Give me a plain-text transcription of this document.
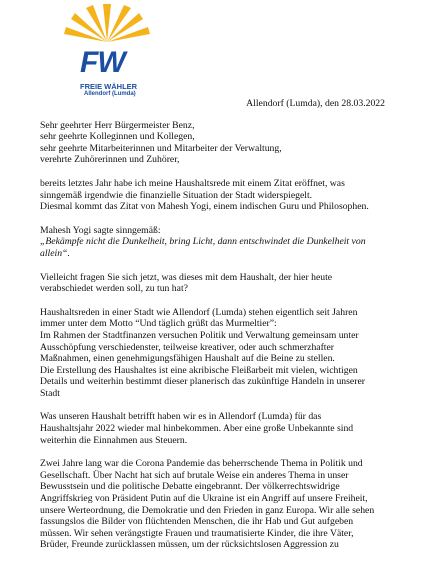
FW
FREIE WÄHLER
Allendorf (Lumda)
Allendorf (Lumda), den 28.03.2022

Sehr geehrter Herr Bürgermeister Benz,
sehr geehrte Kolleginnen und Kollegen,
sehr geehrte Mitarbeiterinnen und Mitarbeiter der Verwaltung,
verehrte Zuhörerinnen und Zuhörer,

bereits letztes Jahr habe ich meine Haushaltsrede mit einem Zitat eröffnet, was
sinngemäß irgendwie die finanzielle Situation der Stadt widerspiegelt.
Diesmal kommt das Zitat von Mahesh Yogi, einem indischen Guru und Philosophen.

Mahesh Yogi sagte sinngemäß:
„Bekämpfe nicht die Dunkelheit, bring Licht, dann entschwindet die Dunkelheit von
allein“.

Vielleicht fragen Sie sich jetzt, was dieses mit dem Haushalt, der hier heute
verabschiedet werden soll, zu tun hat?

Haushaltsreden in einer Stadt wie Allendorf (Lumda) stehen eigentlich seit Jahren
immer unter dem Motto “Und täglich grüßt das Murmeltier”:
Im Rahmen der Stadtfinanzen versuchen Politik und Verwaltung gemeinsam unter
Ausschöpfung verschiedenster, teilweise kreativer, oder auch schmerzhafter
Maßnahmen, einen genehmigungsfähigen Haushalt auf die Beine zu stellen.
Die Erstellung des Haushaltes ist eine akribische Fleißarbeit mit vielen, wichtigen
Details und weiterhin bestimmt dieser planerisch das zukünftige Handeln in unserer
Stadt

Was unseren Haushalt betrifft haben wir es in Allendorf (Lumda) für das
Haushaltsjahr 2022 wieder mal hinbekommen. Aber eine große Unbekannte sind
weiterhin die Einnahmen aus Steuern.

Zwei Jahre lang war die Corona Pandemie das beherrschende Thema in Politik und
Gesellschaft. Über Nacht hat sich auf brutale Weise ein anderes Thema in unser
Bewusstsein und die politische Debatte eingebrannt. Der völkerrechtswidrige
Angriffskrieg von Präsident Putin auf die Ukraine ist ein Angriff auf unsere Freiheit,
unsere Werteordnung, die Demokratie und den Frieden in ganz Europa. Wir alle sehen
fassungslos die Bilder von flüchtenden Menschen, die ihr Hab und Gut aufgeben
müssen. Wir sehen verängstigte Frauen und traumatisierte Kinder, die ihre Väter,
Brüder, Freunde zurücklassen müssen, um der rücksichtslosen Aggression zu
